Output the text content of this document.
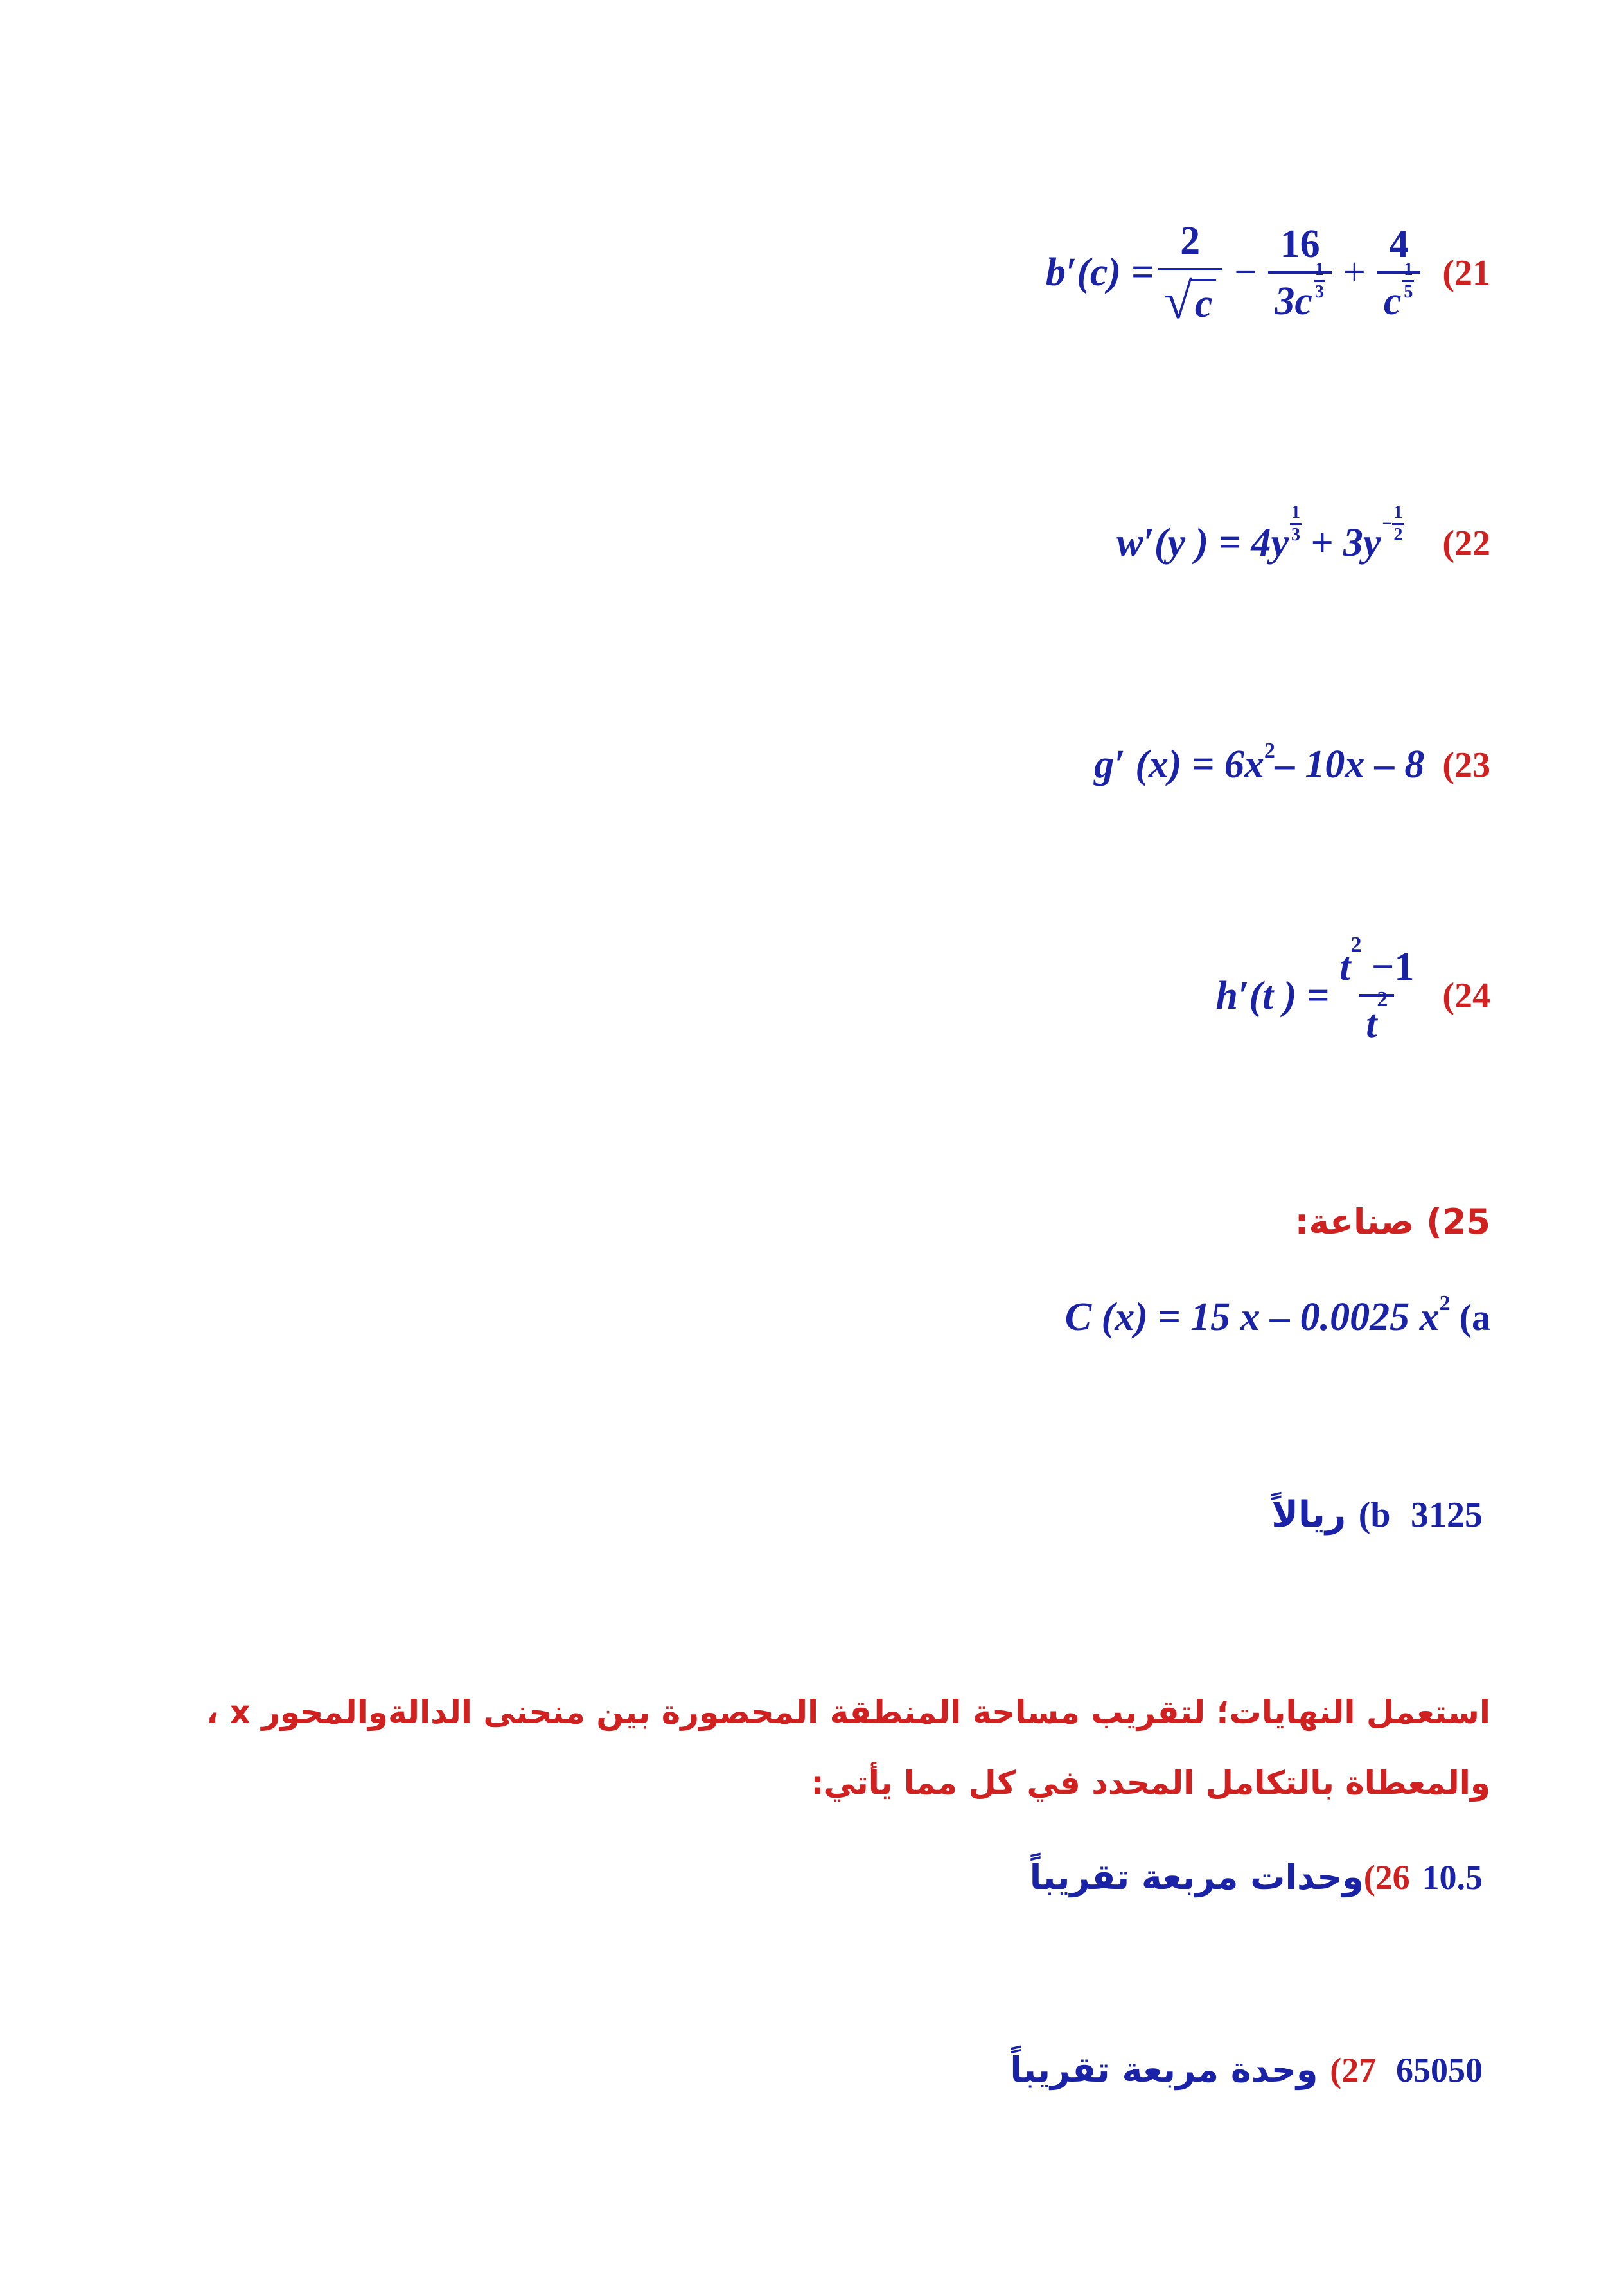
(21
$b'(c) = \frac{2}{√ c} - 16$
3c
1
3 + 4
c
1
5
(22
w′(y ) = 4y
1
$3 + 3y - \frac{1}{2}$
(23
g′ (x) = 6x 2 – 10x – 8
(24
h′(t ) = $t^2 -1$
t
2
(25 صناعة:
(a
C (x) = 15 x – 0.0025 x 2
(b 3125 ريالاً
استعمل النهايات؛ لتقريب مساحة المنطقة المحصورة بين منحنى الدالةوالمحور x ، والمعطاة بالتكامل المحدد في كل مما يأتي:
(26 10.5وحدات مربعة تقريباً
(27 65050 وحدة مربعة تقريباً
